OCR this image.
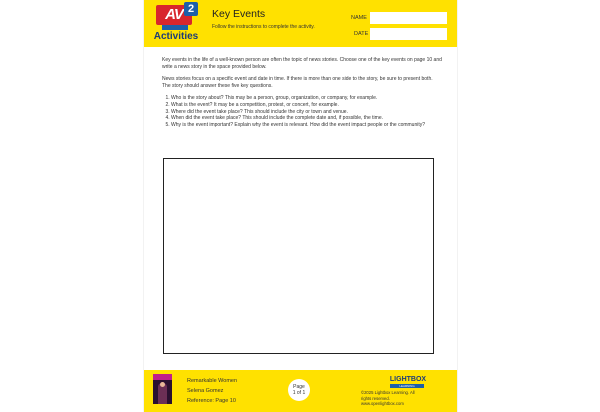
AV 2
Activities
Key Events
Follow the instructions to complete the activity.
NAME
DATE

Key events in the life of a well-known person are often the topic of news stories. Choose one of the key events on page 10 and write a news story in the space provided below.

News stories focus on a specific event and date in time. If there is more than one side to the story, be sure to present both. The story should answer these five key questions.

1. Who is the story about? This may be a person, group, organization, or company, for example.
2. What is the event? It may be a competition, protest, or concert, for example.
3. Where did the event take place? This should include the city or town and venue.
4. When did the event take place? This should include the complete date and, if possible, the time.
5. Why is the event important? Explain why the event is relevant. How did the event impact people or the community?
Remarkable Women
Selena Gomez
Reference: Page 10
Page
1 of 1
LIGHTBOX
LEARNING
©2025 Lightbox Learning. All
rights reserved.
www.openlightbox.com
